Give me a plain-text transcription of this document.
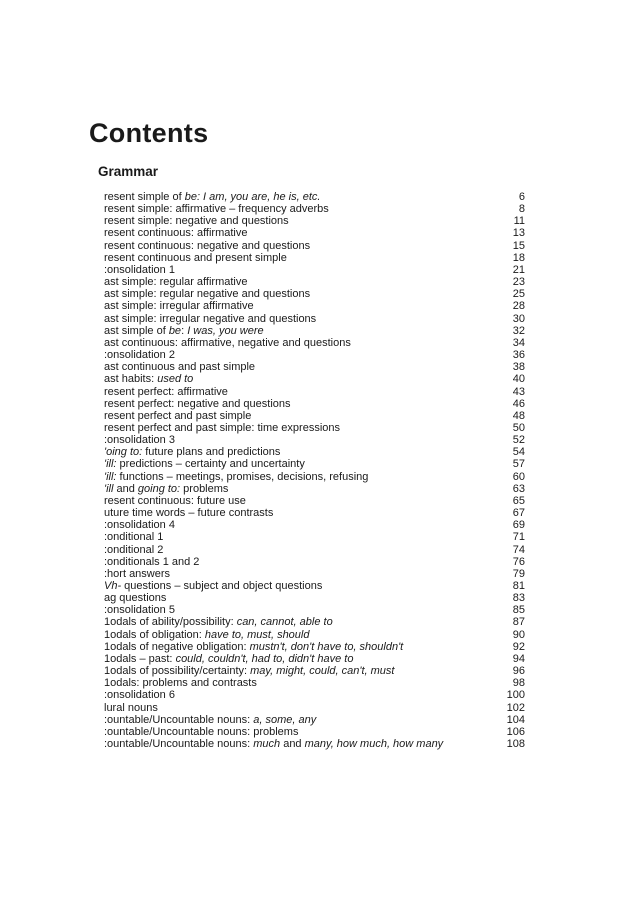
Contents
Grammar
resent simple of be: I am, you are, he is, etc.	6
resent simple: affirmative – frequency adverbs	8
resent simple: negative and questions	11
resent continuous: affirmative	13
resent continuous: negative and questions	15
resent continuous and present simple	18
:onsolidation 1	21
ast simple: regular affirmative	23
ast simple: regular negative and questions	25
ast simple: irregular affirmative	28
ast simple: irregular negative and questions	30
ast simple of be: I was, you were	32
ast continuous: affirmative, negative and questions	34
:onsolidation 2	36
ast continuous and past simple	38
ast habits: used to	40
resent perfect: affirmative	43
resent perfect: negative and questions	46
resent perfect and past simple	48
resent perfect and past simple: time expressions	50
:onsolidation 3	52
'oing to: future plans and predictions	54
'ill: predictions – certainty and uncertainty	57
'ill: functions – meetings, promises, decisions, refusing	60
'ill and going to: problems	63
resent continuous: future use	65
uture time words – future contrasts	67
:onsolidation 4	69
:onditional 1	71
:onditional 2	74
:onditionals 1 and 2	76
:hort answers	79
Vh- questions – subject and object questions	81
ag questions	83
:onsolidation 5	85
1odals of ability/possibility: can, cannot, able to	87
1odals of obligation: have to, must, should	90
1odals of negative obligation: mustn't, don't have to, shouldn't	92
1odals – past: could, couldn't, had to, didn't have to	94
1odals of possibility/certainty: may, might, could, can't, must	96
1odals: problems and contrasts	98
:onsolidation 6	100
lural nouns	102
:ountable/Uncountable nouns: a, some, any	104
:ountable/Uncountable nouns: problems	106
:ountable/Uncountable nouns: much and many, how much, how many	108
